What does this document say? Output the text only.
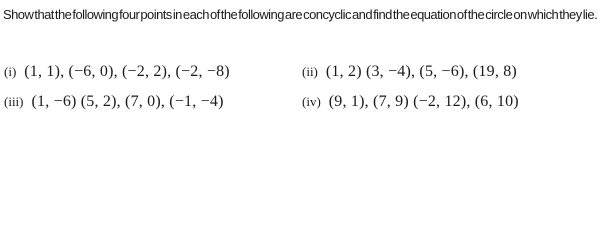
Show that the following four points in each of the following are concyclic and find the equation of the circle on which they lie.

(i) (1, 1), (−6, 0), (−2, 2), (−2, −8)	(ii) (1, 2) (3, −4), (5, −6), (19, 8)
(iii) (1, −6) (5, 2), (7, 0), (−1, −4)	(iv) (9, 1), (7, 9) (−2, 12), (6, 10)
